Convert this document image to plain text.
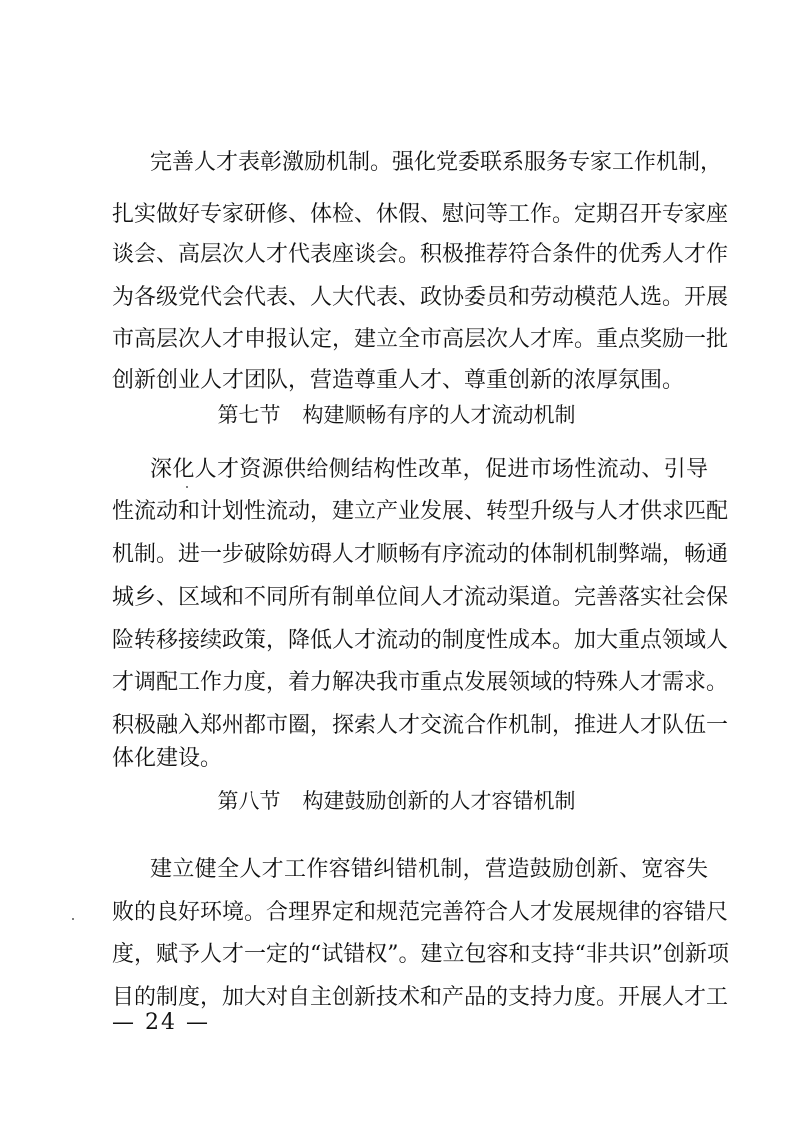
完善人才表彰激励机制。强化党委联系服务专家工作机制，
扎实做好专家研修、体检、休假、慰问等工作。定期召开专家座
谈会、高层次人才代表座谈会。积极推荐符合条件的优秀人才作
为各级党代会代表、人大代表、政协委员和劳动模范人选。开展
市高层次人才申报认定，建立全市高层次人才库。重点奖励一批
创新创业人才团队，营造尊重人才、尊重创新的浓厚氛围。
第七节 构建顺畅有序的人才流动机制
深化人才资源供给侧结构性改革，促进市场性流动、引导
性流动和计划性流动，建立产业发展、转型升级与人才供求匹配
机制。进一步破除妨碍人才顺畅有序流动的体制机制弊端，畅通
城乡、区域和不同所有制单位间人才流动渠道。完善落实社会保
险转移接续政策，降低人才流动的制度性成本。加大重点领域人
才调配工作力度，着力解决我市重点发展领域的特殊人才需求。
积极融入郑州都市圈，探索人才交流合作机制，推进人才队伍一
体化建设。
第八节 构建鼓励创新的人才容错机制
建立健全人才工作容错纠错机制，营造鼓励创新、宽容失
— 24 —
败的良好环境。合理界定和规范完善符合人才发展规律的容错尺
度，赋予人才一定的“试错权”。建立包容和支持“非共识”创新项
目的制度，加大对自主创新技术和产品的支持力度。开展人才工
